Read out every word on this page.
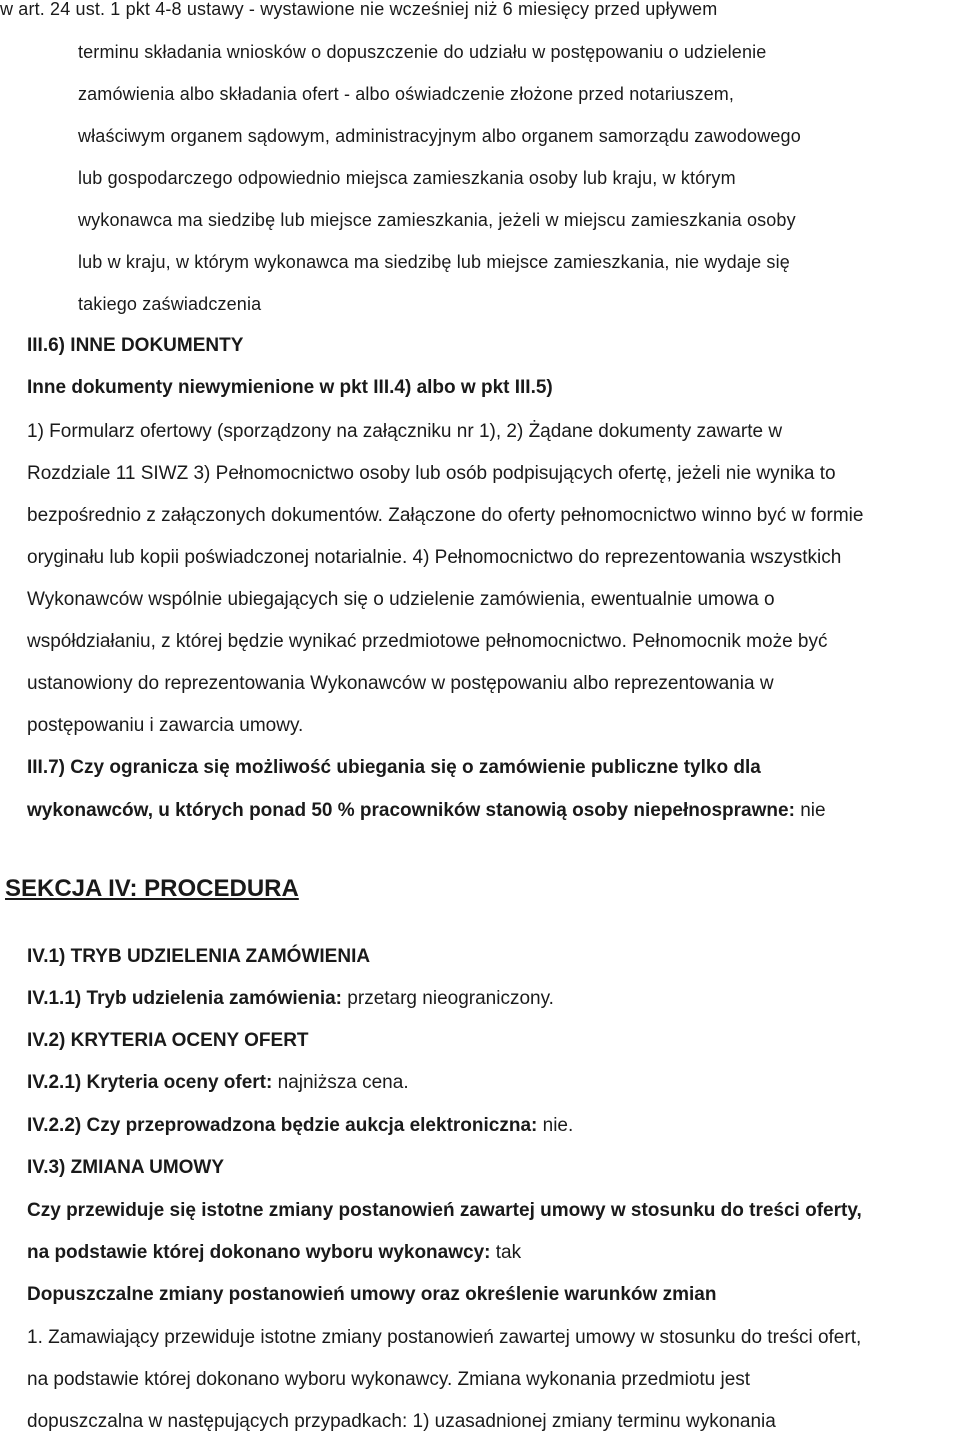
w art. 24 ust. 1 pkt 4-8 ustawy - wystawione nie wcześniej niż 6 miesięcy przed upływem
terminu składania wniosków o dopuszczenie do udziału w postępowaniu o udzielenie
zamówienia albo składania ofert - albo oświadczenie złożone przed notariuszem,
właściwym organem sądowym, administracyjnym albo organem samorządu zawodowego
lub gospodarczego odpowiednio miejsca zamieszkania osoby lub kraju, w którym
wykonawca ma siedzibę lub miejsce zamieszkania, jeżeli w miejscu zamieszkania osoby
lub w kraju, w którym wykonawca ma siedzibę lub miejsce zamieszkania, nie wydaje się
takiego zaświadczenia
III.6) INNE DOKUMENTY
Inne dokumenty niewymienione w pkt III.4) albo w pkt III.5)
1) Formularz ofertowy (sporządzony na załączniku nr 1), 2) Żądane dokumenty zawarte w
Rozdziale 11 SIWZ 3) Pełnomocnictwo osoby lub osób podpisujących ofertę, jeżeli nie wynika to
bezpośrednio z załączonych dokumentów. Załączone do oferty pełnomocnictwo winno być w formie
oryginału lub kopii poświadczonej notarialnie. 4) Pełnomocnictwo do reprezentowania wszystkich
Wykonawców wspólnie ubiegających się o udzielenie zamówienia, ewentualnie umowa o
współdziałaniu, z której będzie wynikać przedmiotowe pełnomocnictwo. Pełnomocnik może być
ustanowiony do reprezentowania Wykonawców w postępowaniu albo reprezentowania w
postępowaniu i zawarcia umowy.
III.7) Czy ogranicza się możliwość ubiegania się o zamówienie publiczne tylko dla
wykonawców, u których ponad 50 % pracowników stanowią osoby niepełnosprawne: nie
SEKCJA IV: PROCEDURA
IV.1) TRYB UDZIELENIA ZAMÓWIENIA
IV.1.1) Tryb udzielenia zamówienia: przetarg nieograniczony.
IV.2) KRYTERIA OCENY OFERT
IV.2.1) Kryteria oceny ofert: najniższa cena.
IV.2.2) Czy przeprowadzona będzie aukcja elektroniczna: nie.
IV.3) ZMIANA UMOWY
Czy przewiduje się istotne zmiany postanowień zawartej umowy w stosunku do treści oferty,
na podstawie której dokonano wyboru wykonawcy: tak
Dopuszczalne zmiany postanowień umowy oraz określenie warunków zmian
1. Zamawiający przewiduje istotne zmiany postanowień zawartej umowy w stosunku do treści ofert,
na podstawie której dokonano wyboru wykonawcy. Zmiana wykonania przedmiotu jest
dopuszczalna w następujących przypadkach: 1) uzasadnionej zmiany terminu wykonania
